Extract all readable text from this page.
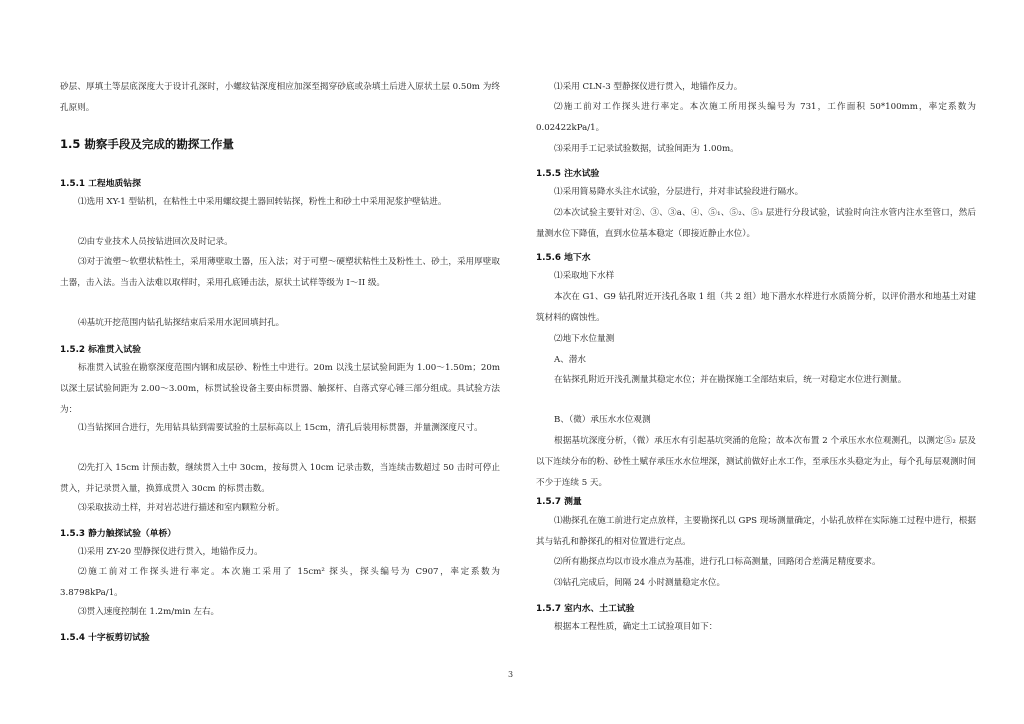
砂层、厚填土等层底深度大于设计孔深时，小螺纹钻深度相应加深至揭穿砂底或杂填土后进入原状土层 0.50m 为终孔原则。
1.5 勘察手段及完成的勘探工作量
1.5.1 工程地质钻探
⑴选用 XY-1 型钻机，在粘性土中采用螺纹提土器回转钻探，粉性土和砂土中采用泥浆护壁钻进。
⑵由专业技术人员按钻进回次及时记录。
⑶对于流塑～软塑状粘性土，采用薄壁取土器，压入法；对于可塑～硬塑状粘性土及粉性土、砂土，采用厚壁取土器，击入法。当击入法难以取样时，采用孔底锤击法，原状土试样等级为 I～II 级。
⑷基坑开挖范围内钻孔钻探结束后采用水泥回填封孔。
1.5.2 标准贯入试验
标准贯入试验在勘察深度范围内钢和成层砂、粉性土中进行。20m 以浅土层试验间距为 1.00～1.50m；20m 以深土层试验间距为 2.00～3.00m，标贯试验设备主要由标贯器、触探杆、自落式穿心锤三部分组成。具试验方法为：
⑴当钻探回合进行，先用钻具钻到需要试验的土层标高以上 15cm，清孔后装用标贯器，并量测深度尺寸。
⑵先打入 15cm 计预击数，继续贯入土中 30cm，按每贯入 10cm 记录击数，当连续击数超过 50 击时可停止贯入，并记录贯入量，换算成贯入 30cm 的标贯击数。
⑶采取拔动土样，并对岩芯进行描述和室内颗粒分析。
1.5.3 静力触探试验（单桥）
⑴采用 ZY-20 型静探仪进行贯入，地锚作反力。
⑵施工前对工作探头进行率定。本次施工采用了 15cm² 探头，探头编号为 C907，率定系数为 3.8798kPa/1。
⑶贯入速度控制在 1.2m/min 左右。
1.5.4 十字板剪切试验
⑴采用 CLN-3 型静探仪进行贯入，地锚作反力。
⑵施工前对工作探头进行率定。本次施工所用探头编号为 731，工作面积 50*100mm，率定系数为 0.02422kPa/1。
⑶采用手工记录试验数据，试验间距为 1.00m。
1.5.5 注水试验
⑴采用简易降水头注水试验，分层进行，并对非试验段进行隔水。
⑵本次试验主要针对②、③、③a、④、⑤₁、⑤₂、⑤₃ 层进行分段试验，试验时向注水管内注水至管口，然后量测水位下降值，直到水位基本稳定（即接近静止水位）。
1.5.6 地下水
⑴采取地下水样
本次在 G1、G9 钻孔附近开浅孔各取 1 组（共 2 组）地下潜水水样进行水质简分析，以评价潜水和地基土对建筑材料的腐蚀性。
⑵地下水位量测
A、潜水
在钻探孔附近开浅孔测量其稳定水位；并在勘探施工全部结束后，统一对稳定水位进行测量。
B、（微）承压水水位观测
根据基坑深度分析，（微）承压水有引起基坑突涌的危险；故本次布置 2 个承压水水位观测孔，以测定⑤₂ 层及以下连续分布的粉、砂性土赋存承压水水位埋深，测试前做好止水工作，至承压水头稳定为止，每个孔每层观测时间不少于连续 5 天。
1.5.7 测量
⑴勘探孔在施工前进行定点放样，主要勘探孔以 GPS 现场测量确定，小钻孔放样在实际施工过程中进行，根据其与钻孔和静探孔的相对位置进行定点。
⑵所有勘探点均以市设水准点为基准，进行孔口标高测量，回路闭合差满足精度要求。
⑶钻孔完成后，间隔 24 小时测量稳定水位。
1.5.7 室内水、土工试验
根据本工程性质，确定土工试验项目如下：
3
